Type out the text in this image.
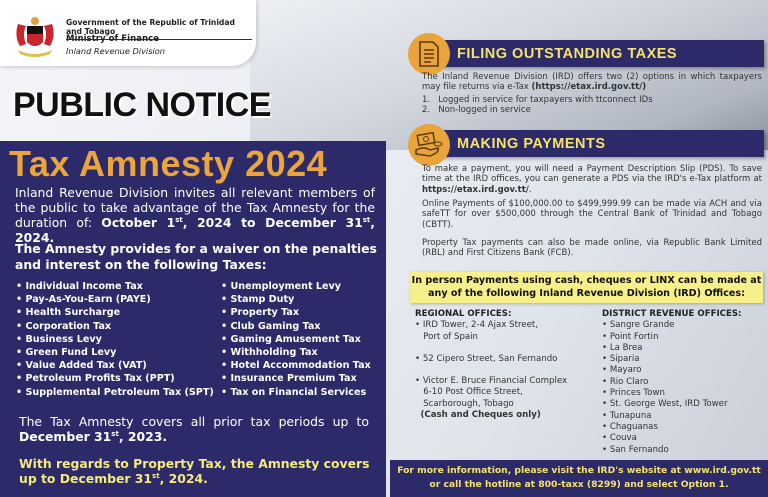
Government of the Republic of Trinidad and Tobago
Ministry of Finance
Inland Revenue Division
PUBLIC NOTICE
Tax Amnesty 2024
Inland Revenue Division invites all relevant members of the public to take advantage of the Tax Amnesty for the duration of: October 1st, 2024 to December 31st, 2024.
The Amnesty provides for a waiver on the penalties and interest on the following Taxes:
• Individual Income Tax
• Pay-As-You-Earn (PAYE)
• Health Surcharge
• Corporation Tax
• Business Levy
• Green Fund Levy
• Value Added Tax (VAT)
• Petroleum Profits Tax (PPT)
• Supplemental Petroleum Tax (SPT)
• Unemployment Levy
• Stamp Duty
• Property Tax
• Club Gaming Tax
• Gaming Amusement Tax
• Withholding Tax
• Hotel Accommodation Tax
• Insurance Premium Tax
• Tax on Financial Services
The Tax Amnesty covers all prior tax periods up to December 31st, 2023.
With regards to Property Tax, the Amnesty covers up to December 31st, 2024.
FILING OUTSTANDING TAXES
The Inland Revenue Division (IRD) offers two (2) options in which taxpayers may file returns via e-Tax (https://etax.ird.gov.tt/)
1.   Logged in service for taxpayers with ttconnect IDs
2.   Non-logged in service
MAKING PAYMENTS
To make a payment, you will need a Payment Description Slip (PDS). To save time at the IRD offices, you can generate a PDS via the IRD's e-Tax platform at https://etax.ird.gov.tt/.
Online Payments of $100,000.00 to $499,999.99 can be made via ACH and via safeTT for over $500,000 through the Central Bank of Trinidad and Tobago (CBTT).
Property Tax payments can also be made online, via Republic Bank Limited (RBL) and First Citizens Bank (FCB).
In person Payments using cash, cheques or LINX can be made at any of the following Inland Revenue Division (IRD) Offices:
REGIONAL OFFICES:
• IRD Tower, 2-4 Ajax Street,
Port of Spain
• 52 Cipero Street, San Fernando
• Victor E. Bruce Financial Complex
6-10 Post Office Street,
Scarborough, Tobago
(Cash and Cheques only)
DISTRICT REVENUE OFFICES:
• Sangre Grande
• Point Fortin
• La Brea
• Siparia
• Mayaro
• Rio Claro
• Princes Town
• St. George West, IRD Tower
• Tunapuna
• Chaguanas
• Couva
• San Fernando
For more information, please visit the IRD's website at www.ird.gov.tt
or call the hotline at 800-taxx (8299) and select Option 1.
